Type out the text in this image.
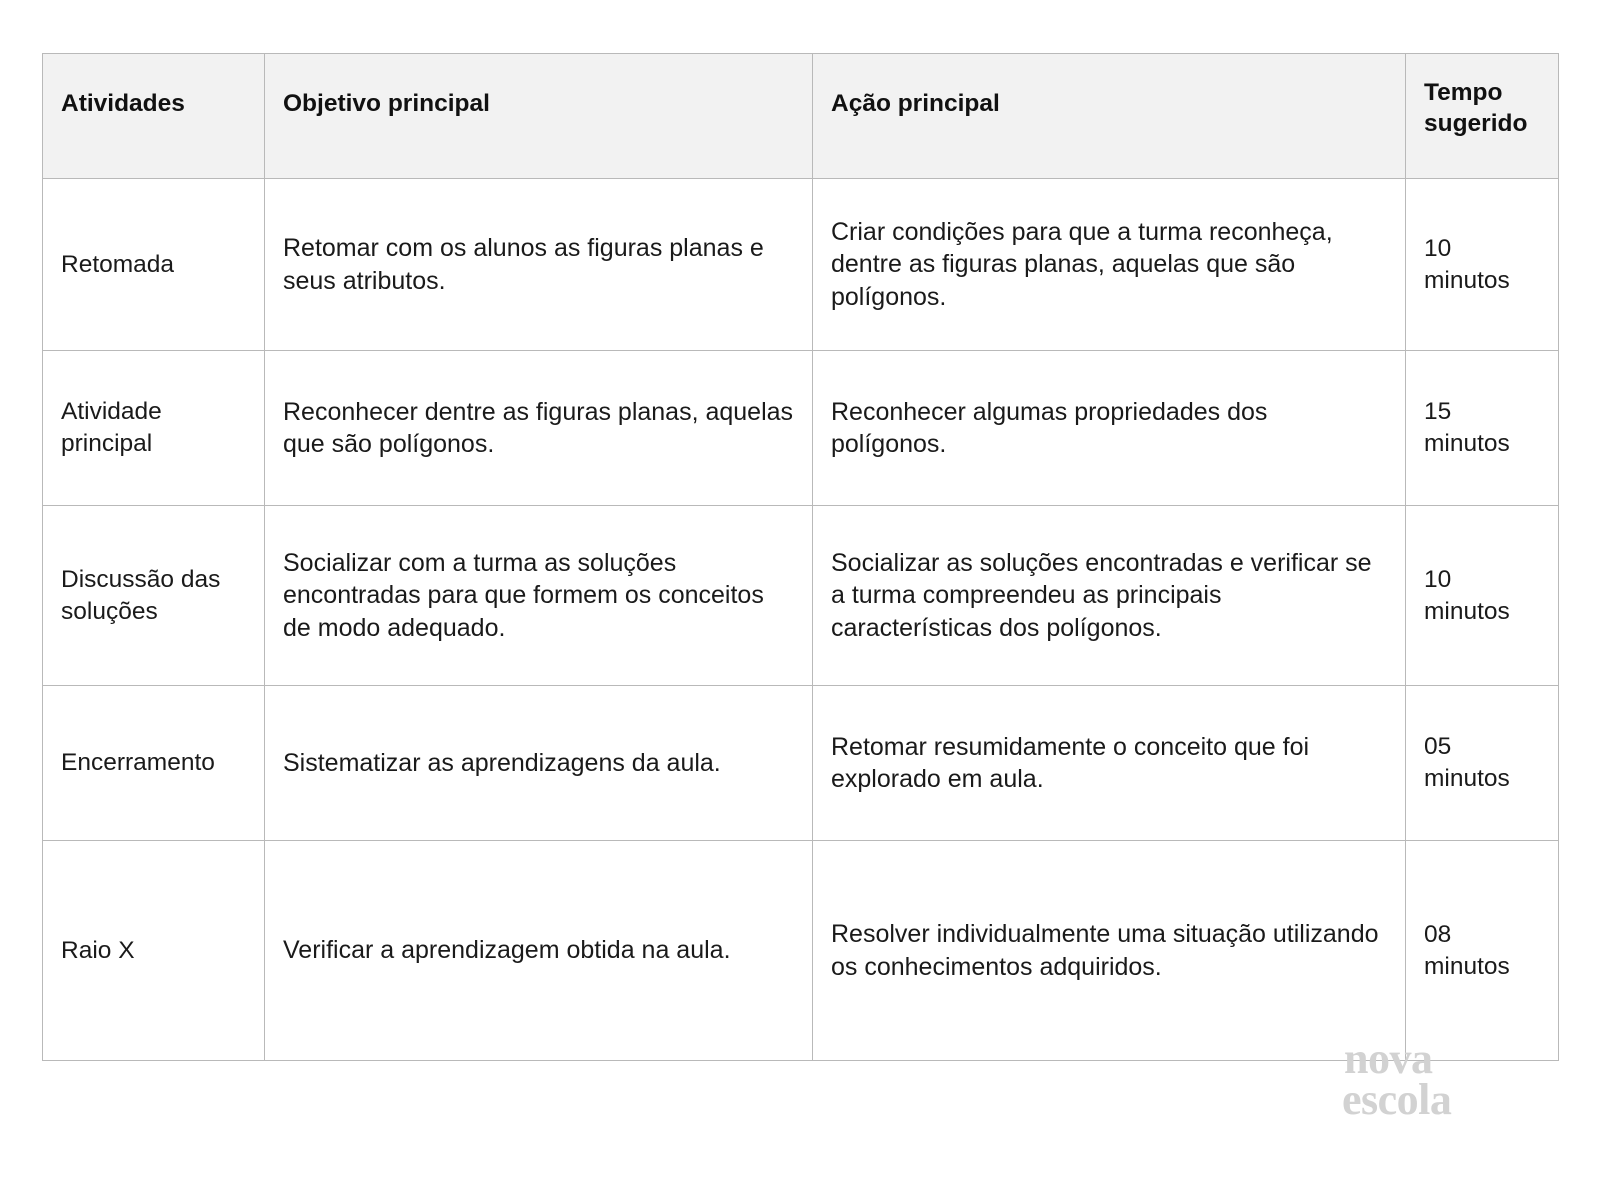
Atividades	Objetivo principal	Ação principal	Tempo
sugerido

Retomada	Retomar com os alunos as figuras planas e seus atributos.	Criar condições para que a turma reconheça, dentre as figuras planas, aquelas que são polígonos.	10 minutos
Atividade principal	Reconhecer dentre as figuras planas, aquelas que são polígonos.	Reconhecer algumas propriedades dos polígonos.	15 minutos
Discussão das soluções	Socializar com a turma as soluções encontradas para que formem os conceitos de modo adequado.	Socializar as soluções encontradas e verificar se a turma compreendeu as principais características dos polígonos.	10 minutos
Encerramento	Sistematizar as aprendizagens da aula.	Retomar resumidamente o conceito que foi explorado em aula.	05 minutos
Raio X	Verificar a aprendizagem obtida na aula.	Resolver individualmente uma situação utilizando os conhecimentos adquiridos.	08 minutos
nova
escola
